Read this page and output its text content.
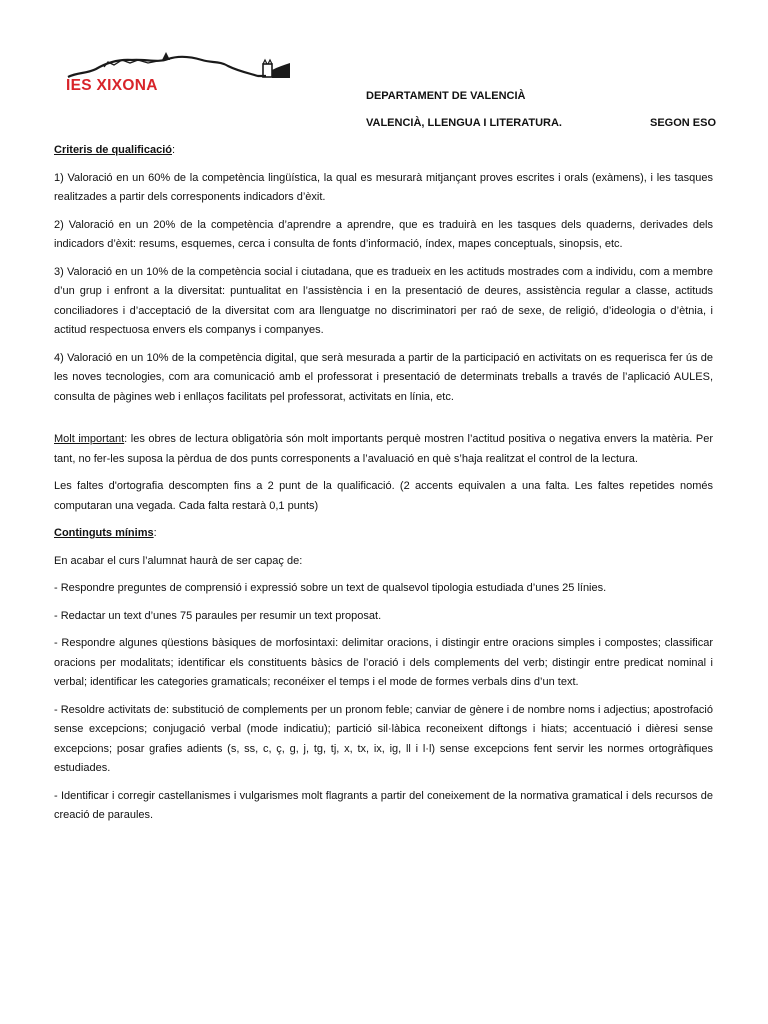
IES XIXONA
DEPARTAMENT DE VALENCIÀ
VALENCIÀ, LLENGUA I LITERATURA.	SEGON ESO

Criteris de qualificació:

1) Valoració en un 60% de la competència lingüística, la qual es mesurarà mitjançant proves escrites i orals (exàmens), i les tasques realitzades a partir dels corresponents indicadors d’èxit.

2) Valoració en un 20% de la competència d’aprendre a aprendre, que es traduirà en les tasques dels quaderns, derivades dels indicadors d’èxit: resums, esquemes, cerca i consulta de fonts d’informació, índex, mapes conceptuals, sinopsis, etc.

3) Valoració en un 10% de la competència social i ciutadana, que es tradueix en les actituds mostrades com a individu, com a membre d’un grup i enfront a la diversitat: puntualitat en l’assistència i en la presentació de deures, assistència regular a classe, actituds conciliadores i d’acceptació de la diversitat com ara llenguatge no discriminatori per raó de sexe, de religió, d’ideologia o d’ètnia, i actitud respectuosa envers els companys i companyes.

4) Valoració en un 10% de la competència digital, que serà mesurada a partir de la participació en activitats on es requerisca fer ús de les noves tecnologies, com ara comunicació amb el professorat i presentació de determinats treballs a través de l’aplicació AULES, consulta de pàgines web i enllaços facilitats pel professorat, activitats en línia, etc.

Molt important: les obres de lectura obligatòria són molt importants perquè mostren l’actitud positiva o negativa envers la matèria. Per tant, no fer-les suposa la pèrdua de dos punts corresponents a l’avaluació en què s’haja realitzat el control de la lectura.

Les faltes d'ortografia descompten fins a 2 punt de la qualificació. (2 accents equivalen a una falta. Les faltes repetides només computaran una vegada. Cada falta restarà 0,1 punts)

Continguts mínims:

En acabar el curs l’alumnat haurà de ser capaç de:

- Respondre preguntes de comprensió i expressió sobre un text de qualsevol tipologia estudiada d’unes 25 línies.

- Redactar un text d’unes 75 paraules per resumir un text proposat.

- Respondre algunes qüestions bàsiques de morfosintaxi: delimitar oracions, i distingir entre oracions simples i compostes; classificar oracions per modalitats; identificar els constituents bàsics de l’oració i dels complements del verb; distingir entre predicat nominal i verbal; identificar les categories gramaticals; reconéixer el temps i el mode de formes verbals dins d’un text.

- Resoldre activitats de: substitució de complements per un pronom feble; canviar de gènere i de nombre noms i adjectius; apostrofació sense excepcions; conjugació verbal (mode indicatiu); partició sil·làbica reconeixent diftongs i hiats; accentuació i dièresi sense excepcions; posar grafies adients (s, ss, c, ç, g, j, tg, tj, x, tx, ix, ig, ll i l·l) sense excepcions fent servir les normes ortogràfiques estudiades.

- Identificar i corregir castellanismes i vulgarismes molt flagrants a partir del coneixement de la normativa gramatical i dels recursos de creació de paraules.
